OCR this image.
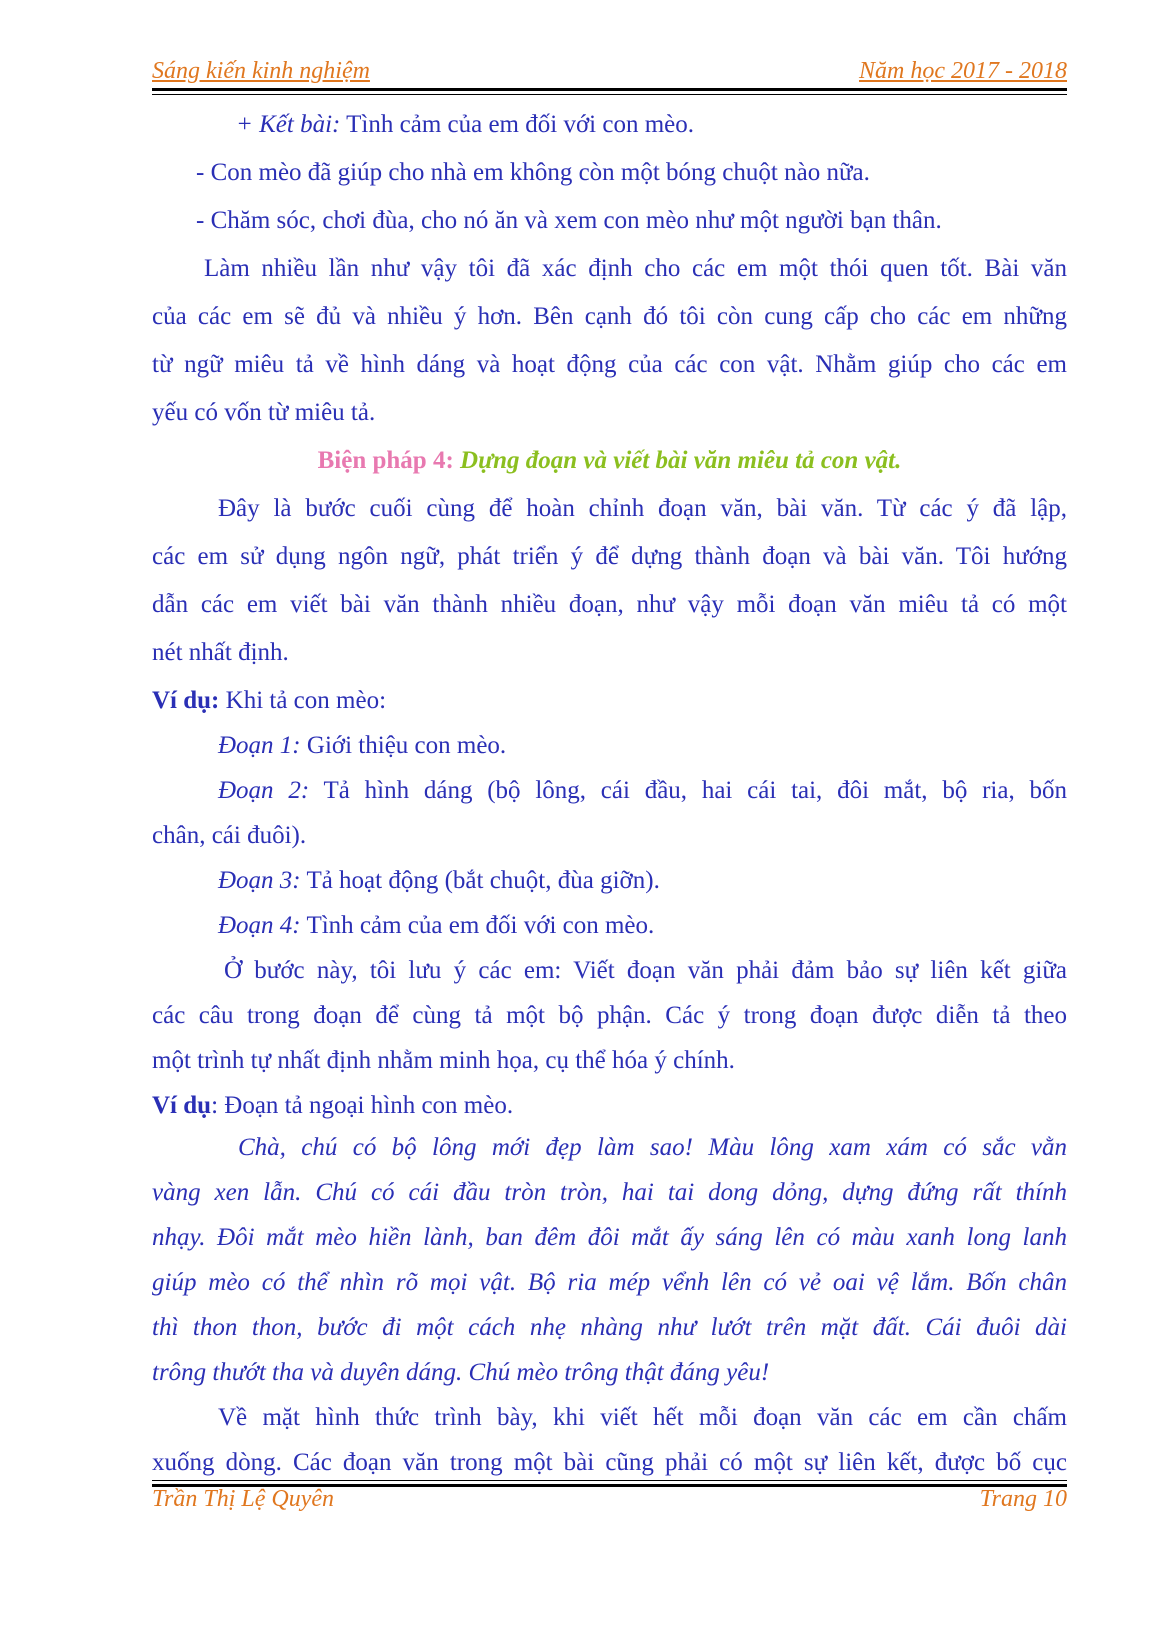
Sáng kiến kinh nghiệm	Năm học 2017 - 2018
+ Kết bài: Tình cảm của em đối với con mèo.
- Con mèo đã giúp cho nhà em không còn một bóng chuột nào nữa.
- Chăm sóc, chơi đùa, cho nó ăn và xem con mèo như một người bạn thân.
Làm nhiều lần như vậy tôi đã xác định cho các em một thói quen tốt. Bài văn
của các em sẽ đủ và nhiều ý hơn. Bên cạnh đó tôi còn cung cấp cho các em những
từ ngữ miêu tả về hình dáng và hoạt động của các con vật. Nhằm giúp cho các em
yếu có vốn từ miêu tả.
Biện pháp 4: Dựng đoạn và viết bài văn miêu tả con vật.
Đây là bước cuối cùng để hoàn chỉnh đoạn văn, bài văn. Từ các ý đã lập,
các em sử dụng ngôn ngữ, phát triển ý để dựng thành đoạn và bài văn. Tôi hướng
dẫn các em viết bài văn thành nhiều đoạn, như vậy mỗi đoạn văn miêu tả có một
nét nhất định.
Ví dụ: Khi tả con mèo:
Đoạn 1: Giới thiệu con mèo.
Đoạn 2: Tả hình dáng (bộ lông, cái đầu, hai cái tai, đôi mắt, bộ ria, bốn
chân, cái đuôi).
Đoạn 3: Tả hoạt động (bắt chuột, đùa giỡn).
Đoạn 4: Tình cảm của em đối với con mèo.
Ở bước này, tôi lưu ý các em: Viết đoạn văn phải đảm bảo sự liên kết giữa
các câu trong đoạn để cùng tả một bộ phận. Các ý trong đoạn được diễn tả theo
một trình tự nhất định nhằm minh họa, cụ thể hóa ý chính.
Ví dụ: Đoạn tả ngoại hình con mèo.
Chà, chú có bộ lông mới đẹp làm sao! Màu lông xam xám có sắc vằn
vàng xen lẫn. Chú có cái đầu tròn tròn, hai tai dong dỏng, dựng đứng rất thính
nhạy. Đôi mắt mèo hiền lành, ban đêm đôi mắt ấy sáng lên có màu xanh long lanh
giúp mèo có thể nhìn rõ mọi vật. Bộ ria mép vểnh lên có vẻ oai vệ lắm. Bốn chân
thì thon thon, bước đi một cách nhẹ nhàng như lướt trên mặt đất. Cái đuôi dài
trông thướt tha và duyên dáng. Chú mèo trông thật đáng yêu!
Về mặt hình thức trình bày, khi viết hết mỗi đoạn văn các em cần chấm
xuống dòng. Các đoạn văn trong một bài cũng phải có một sự liên kết, được bố cục
Trần Thị Lệ Quyên	Trang 10
